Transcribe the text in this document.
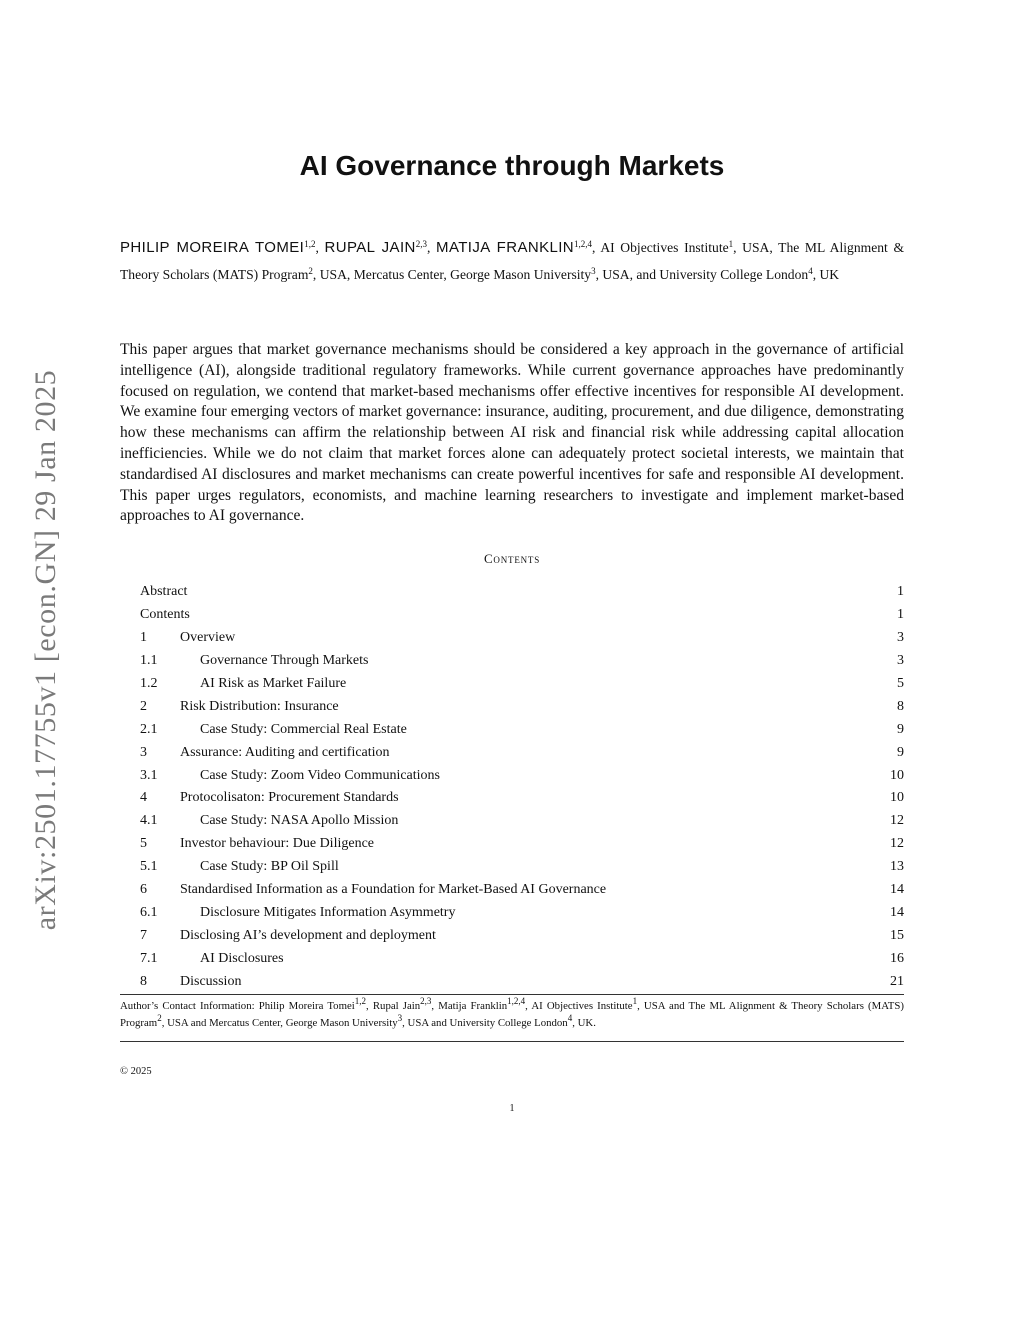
arXiv:2501.17755v1 [econ.GN] 29 Jan 2025
AI Governance through Markets
PHILIP MOREIRA TOMEI$^{1,2}$, RUPAL JAIN$^{2,3}$, MATIJA FRANKLIN$^{1,2,4}$, AI Objectives Institute$^1$, USA, The ML Alignment & Theory Scholars (MATS) Program$^2$, USA, Mercatus Center, George Mason University$^3$, USA, and University College London$^4$, UK
This paper argues that market governance mechanisms should be considered a key approach in the governance of artificial intelligence (AI), alongside traditional regulatory frameworks. While current governance approaches have predominantly focused on regulation, we contend that market-based mechanisms offer effective incentives for responsible AI development. We examine four emerging vectors of market governance: insurance, auditing, procurement, and due diligence, demonstrating how these mechanisms can affirm the relationship between AI risk and financial risk while addressing capital allocation inefficiencies. While we do not claim that market forces alone can adequately protect societal interests, we maintain that standardised AI disclosures and market mechanisms can create powerful incentives for safe and responsible AI development. This paper urges regulators, economists, and machine learning researchers to investigate and implement market-based approaches to AI governance.
Contents
Abstract	1
Contents	1
1 Overview	3
1.1	Governance Through Markets	3
1.2	AI Risk as Market Failure	5
2 Risk Distribution: Insurance	8
2.1	Case Study: Commercial Real Estate	9
3 Assurance: Auditing and certification	9
3.1	Case Study: Zoom Video Communications	10
4 Protocolisaton: Procurement Standards	10
4.1	Case Study: NASA Apollo Mission	12
5 Investor behaviour: Due Diligence	12
5.1	Case Study: BP Oil Spill	13
6 Standardised Information as a Foundation for Market-Based AI Governance	14
6.1	Disclosure Mitigates Information Asymmetry	14
7 Disclosing AI’s development and deployment	15
7.1	AI Disclosures	16
8 Discussion	21
Author’s Contact Information: Philip Moreira Tomei$^{1,2}$, Rupal Jain$^{2,3}$, Matija Franklin$^{1,2,4}$, AI Objectives Institute$^1$, USA and The ML Alignment & Theory Scholars (MATS) Program$^2$, USA and Mercatus Center, George Mason University$^3$, USA and University College London$^4$, UK.
© 2025
1
